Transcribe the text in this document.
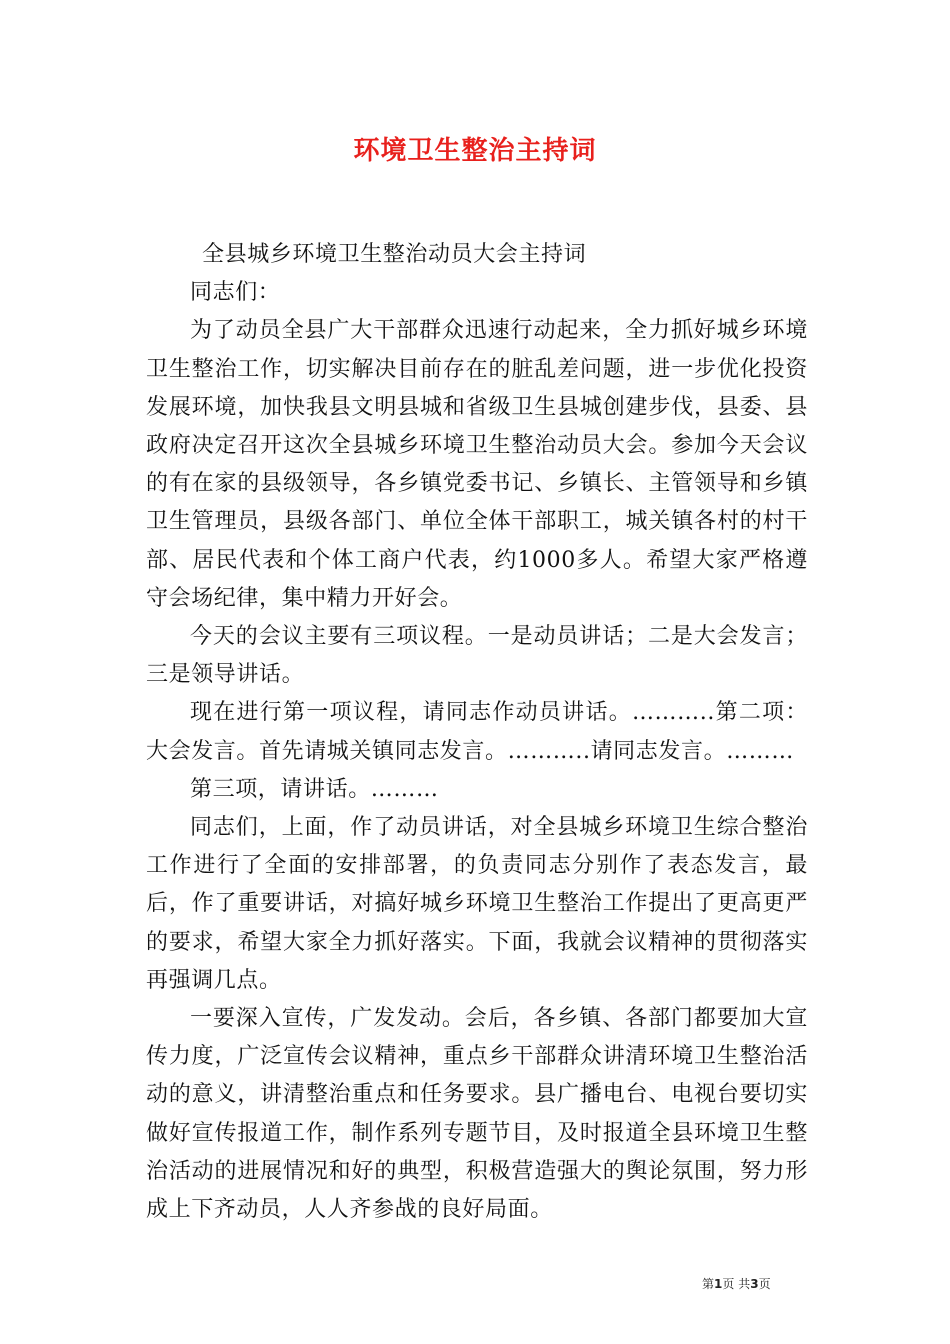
环境卫生整治主持词

全县城乡环境卫生整治动员大会主持词

同志们：

为了动员全县广大干部群众迅速行动起来，全力抓好城乡环境卫生整治工作，切实解决目前存在的脏乱差问题，进一步优化投资发展环境，加快我县文明县城和省级卫生县城创建步伐，县委、县政府决定召开这次全县城乡环境卫生整治动员大会。参加今天会议的有在家的县级领导，各乡镇党委书记、乡镇长、主管领导和乡镇卫生管理员，县级各部门、单位全体干部职工，城关镇各村的村干部、居民代表和个体工商户代表，约1000多人。希望大家严格遵守会场纪律，集中精力开好会。

今天的会议主要有三项议程。一是动员讲话；二是大会发言；三是领导讲话。

现在进行第一项议程，请同志作动员讲话。………..第二项：大会发言。首先请城关镇同志发言。………..请同志发言。………

第三项，请讲话。………

同志们，上面，作了动员讲话，对全县城乡环境卫生综合整治工作进行了全面的安排部署，的负责同志分别作了表态发言，最后，作了重要讲话，对搞好城乡环境卫生整治工作提出了更高更严的要求，希望大家全力抓好落实。下面，我就会议精神的贯彻落实再强调几点。

一要深入宣传，广发发动。会后，各乡镇、各部门都要加大宣传力度，广泛宣传会议精神，重点乡干部群众讲清环境卫生整治活动的意义，讲清整治重点和任务要求。县广播电台、电视台要切实做好宣传报道工作，制作系列专题节目，及时报道全县环境卫生整治活动的进展情况和好的典型，积极营造强大的舆论氛围，努力形成上下齐动员，人人齐参战的良好局面。

第1页 共3页
